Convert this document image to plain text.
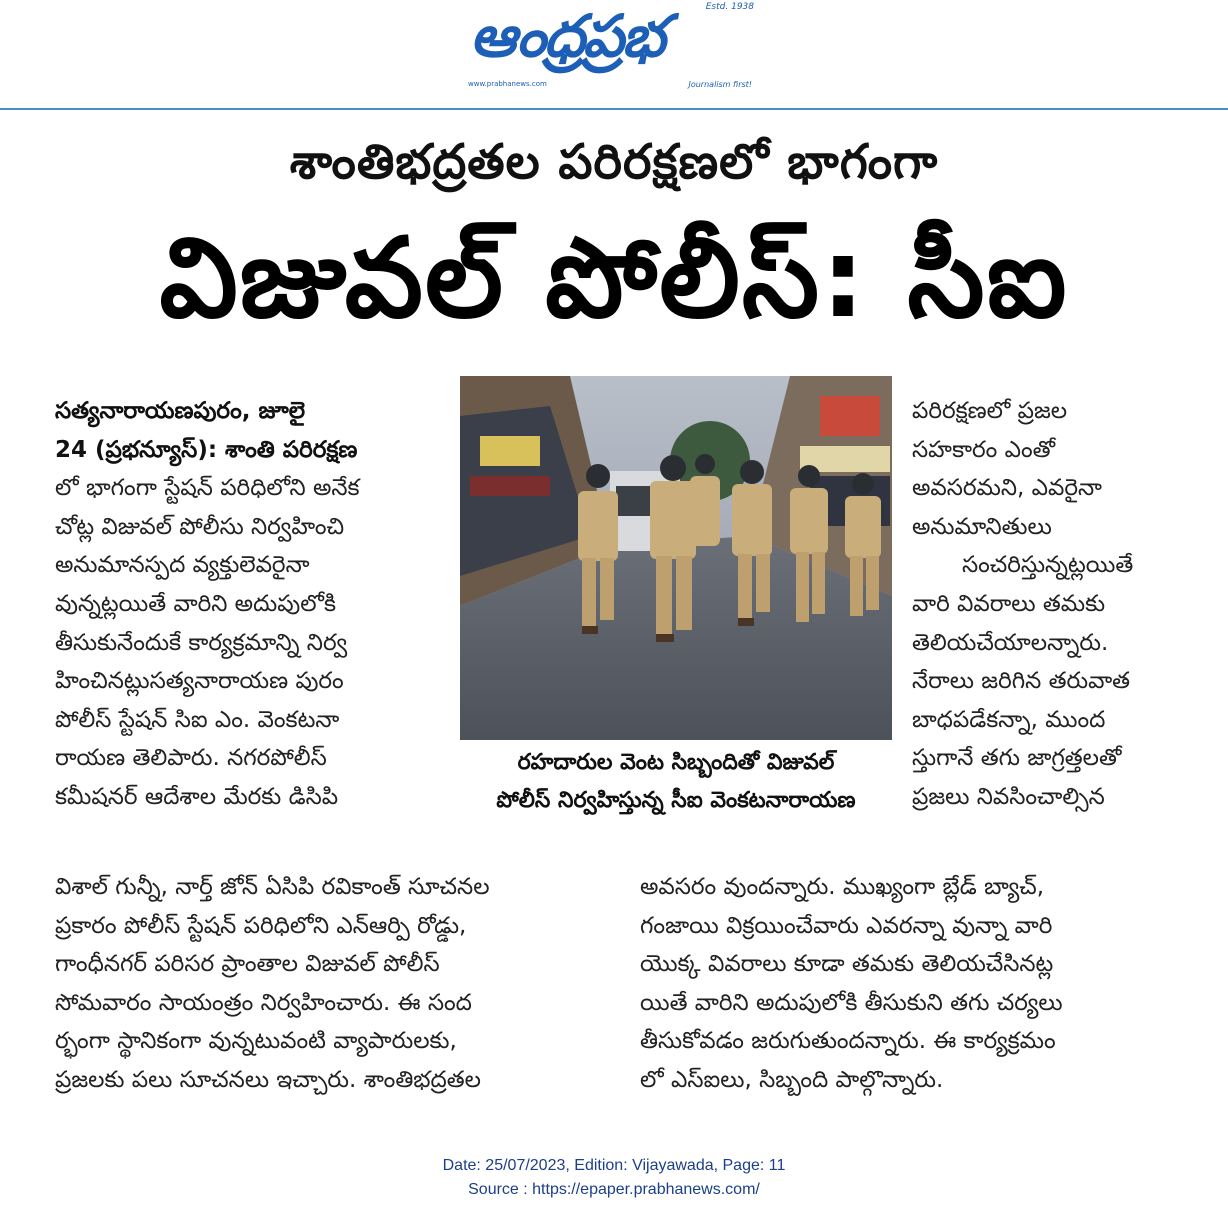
ఆంధ్రప్రభ	Estd. 1938
www.prabhanews.com	Journalism first!
శాంతిభద్రతల పరిరక్షణలో భాగంగా
విజువల్ పోలీస్: సీఐ
సత్యనారాయణపురం, జూలై
24 (ప్రభన్యూస్): శాంతి పరిరక్షణ
లో భాగంగా స్టేషన్ పరిధిలోని అనేక
చోట్ల విజువల్ పోలీసు నిర్వహించి
అనుమానస్పద వ్యక్తులెవరైనా
వున్నట్లయితే వారిని అదుపులోకి
తీసుకునేందుకే కార్యక్రమాన్ని నిర్వ
హించినట్లుసత్యనారాయణ పురం
పోలీస్ స్టేషన్ సిఐ ఎం. వెంకటనా
రాయణ తెలిపారు. నగరపోలీస్
కమీషనర్ ఆదేశాల మేరకు డిసిపి
రహదారుల వెంట సిబ్బందితో విజువల్
పోలీస్ నిర్వహిస్తున్న సీఐ వెంకటనారాయణ
పరిరక్షణలో ప్రజల
సహకారం ఎంతో
అవసరమని, ఎవరైనా
అనుమానితులు
సంచరిస్తున్నట్లయితే
వారి వివరాలు తమకు
తెలియచేయాలన్నారు.
నేరాలు జరిగిన తరువాత
బాధపడేకన్నా, ముంద
స్తుగానే తగు జాగ్రత్తలతో
ప్రజలు నివసించాల్సిన
విశాల్ గున్నీ, నార్త్ జోన్ ఏసిపి రవికాంత్ సూచనల
ప్రకారం పోలీస్ స్టేషన్ పరిధిలోని ఎన్ఆర్పి రోడ్డు,
గాంధీనగర్ పరిసర ప్రాంతాల విజువల్ పోలీస్
సోమవారం సాయంత్రం నిర్వహించారు. ఈ సంద
ర్భంగా స్థానికంగా వున్నటువంటి వ్యాపారులకు,
ప్రజలకు పలు సూచనలు ఇచ్చారు. శాంతిభద్రతల
అవసరం వుందన్నారు. ముఖ్యంగా బ్లేడ్ బ్యాచ్,
గంజాయి విక్రయించేవారు ఎవరన్నా వున్నా వారి
యొక్క వివరాలు కూడా తమకు తెలియచేసినట్ల
యితే వారిని అదుపులోకి తీసుకుని తగు చర్యలు
తీసుకోవడం జరుగుతుందన్నారు. ఈ కార్యక్రమం
లో ఎస్ఐలు, సిబ్బంది పాల్గొన్నారు.
Date: 25/07/2023, Edition: Vijayawada, Page: 11
Source : https://epaper.prabhanews.com/
